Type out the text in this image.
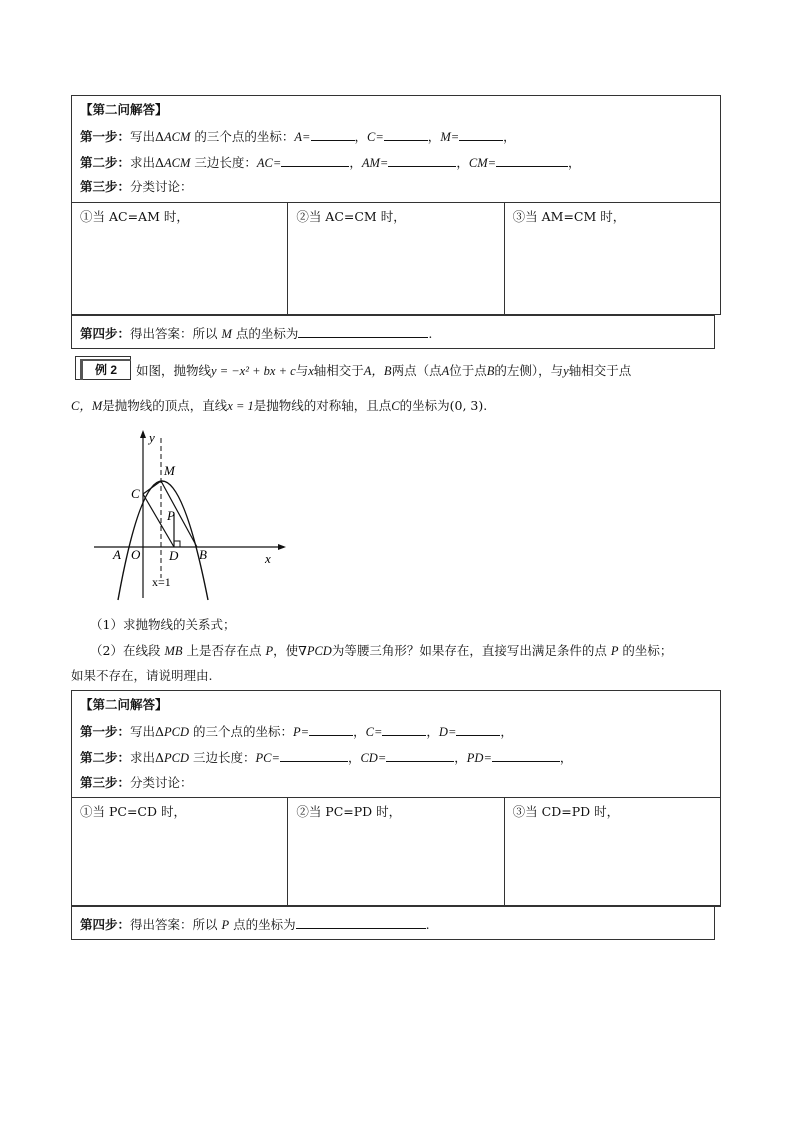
【第二问解答】
第一步：写出ΔACM 的三个点的坐标：A=	，C=	，M=	，
第二步：求出ΔACM 三边长度：AC=	，AM=	，CM=	，
第三步：分类讨论：
①当 AC=AM 时，	②当 AC=CM 时，	③当 AM=CM 时，
第四步：得出答案：所以 M 点的坐标为	.
例 2	如图，抛物线y = −x² + bx + c与x轴相交于A，B两点（点A位于点B的左侧），与y轴相交于点
C，M是抛物线的顶点，直线x = 1是抛物线的对称轴，且点C的坐标为(0, 3).
y
x
M
C
P
A O D B
x=1
（1）求抛物线的关系式；
（2）在线段 MB 上是否存在点 P，使∇PCD为等腰三角形？如果存在，直接写出满足条件的点 P 的坐标；
如果不存在，请说明理由.
【第二问解答】
第一步：写出ΔPCD 的三个点的坐标：P=	，C=	，D=	，
第二步：求出ΔPCD 三边长度：PC=	，CD=	，PD=	，
第三步：分类讨论：
①当 PC=CD 时，	②当 PC=PD 时，	③当 CD=PD 时，
第四步：得出答案：所以 P 点的坐标为	.
